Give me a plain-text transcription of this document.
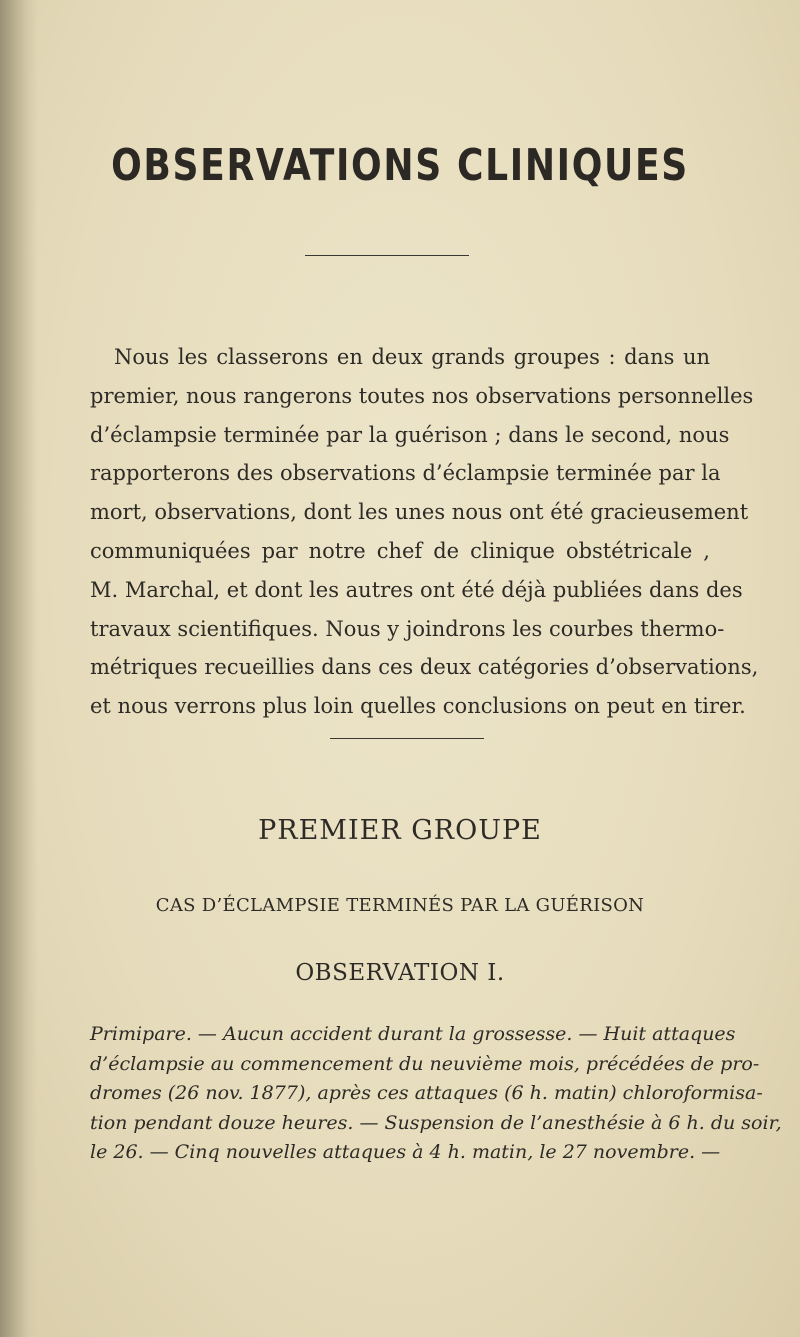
OBSERVATIONS CLINIQUES

Nous les classerons en deux grands groupes : dans un
premier, nous rangerons toutes nos observations personnelles
d’éclampsie terminée par la guérison ; dans le second, nous
rapporterons des observations d’éclampsie terminée par la
mort, observations, dont les unes nous ont été gracieusement
communiquées par notre chef de clinique obstétricale ,
M. Marchal, et dont les autres ont été déjà publiées dans des
travaux scientifiques. Nous y joindrons les courbes thermo-
métriques recueillies dans ces deux catégories d’observations,
et nous verrons plus loin quelles conclusions on peut en tirer.

PREMIER GROUPE
CAS D’ÉCLAMPSIE TERMINÉS PAR LA GUÉRISON
OBSERVATION I.

Primipare. — Aucun accident durant la grossesse. — Huit attaques
d’éclampsie au commencement du neuvième mois, précédées de pro-
dromes (26 nov. 1877), après ces attaques (6 h. matin) chloroformisa-
tion pendant douze heures. — Suspension de l’anesthésie à 6 h. du soir,
le 26. — Cinq nouvelles attaques à 4 h. matin, le 27 novembre. —
